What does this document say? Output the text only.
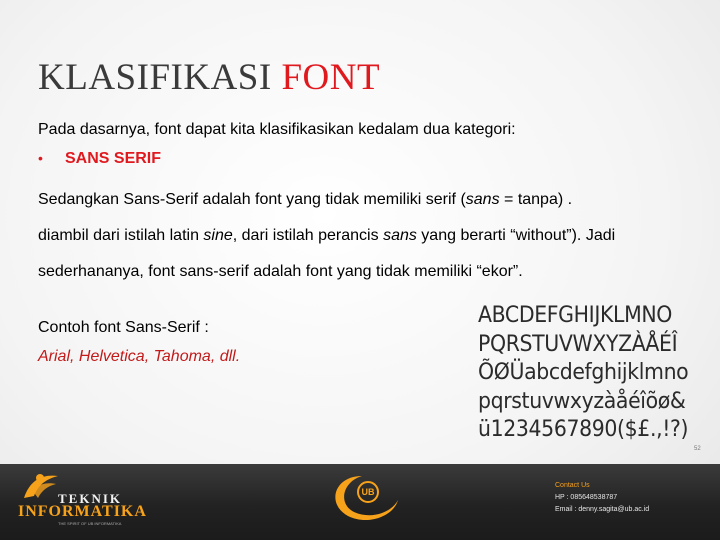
KLASIFIKASI FONT
Pada dasarnya, font dapat kita klasifikasikan kedalam dua kategori:
• SANS SERIF

Sedangkan Sans-Serif adalah font yang tidak memiliki serif (sans = tanpa) .

diambil dari istilah latin sine, dari istilah perancis sans yang berarti “without”). Jadi

sederhananya, font sans-serif adalah font yang tidak memiliki “ekor”.

Contoh font Sans-Serif :
Arial, Helvetica, Tahoma, dll.
ABCDEFGHIJKLMNO
PQRSTUVWXYZÀÅÉÎ
ÕØÜabcdefghijklmno
pqrstuvwxyzàåéîõø&
ü1234567890($£.,!?)
52
TEKNIK
INFORMATIKA
THE SPIRIT OF UB INFORMATIKA
UB
Contact Us
HP : 085648538787
Email : denny.sagita@ub.ac.id
